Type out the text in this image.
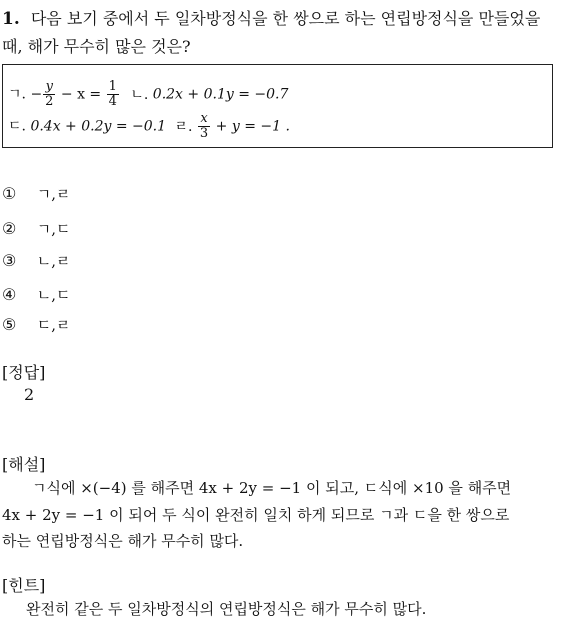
1. 다음 보기 중에서 두 일차방정식을 한 쌍으로 하는 연립방정식을 만들었을
때, 해가 무수히 많은 것은?
ㄱ. − $\frac{y}{2} - x = \frac{1}{4}$ ㄴ. 0.2x + 0.1y = −0.7
ㄷ. 0.4x + 0.2y = −0.1 ㄹ. $\frac{x}{3} + y = -1$ .
① ㄱ,ㄹ
② ㄱ,ㄷ
③ ㄴ,ㄹ
④ ㄴ,ㄷ
⑤ ㄷ,ㄹ
[정답]
2
[해설]
ㄱ식에 ×(−4) 를 해주면 4x + 2y = −1 이 되고, ㄷ식에 ×10 을 해주면
4x + 2y = −1 이 되어 두 식이 완전히 일치 하게 되므로 ㄱ과 ㄷ을 한 쌍으로
하는 연립방정식은 해가 무수히 많다.
[힌트]
완전히 같은 두 일차방정식의 연립방정식은 해가 무수히 많다.
